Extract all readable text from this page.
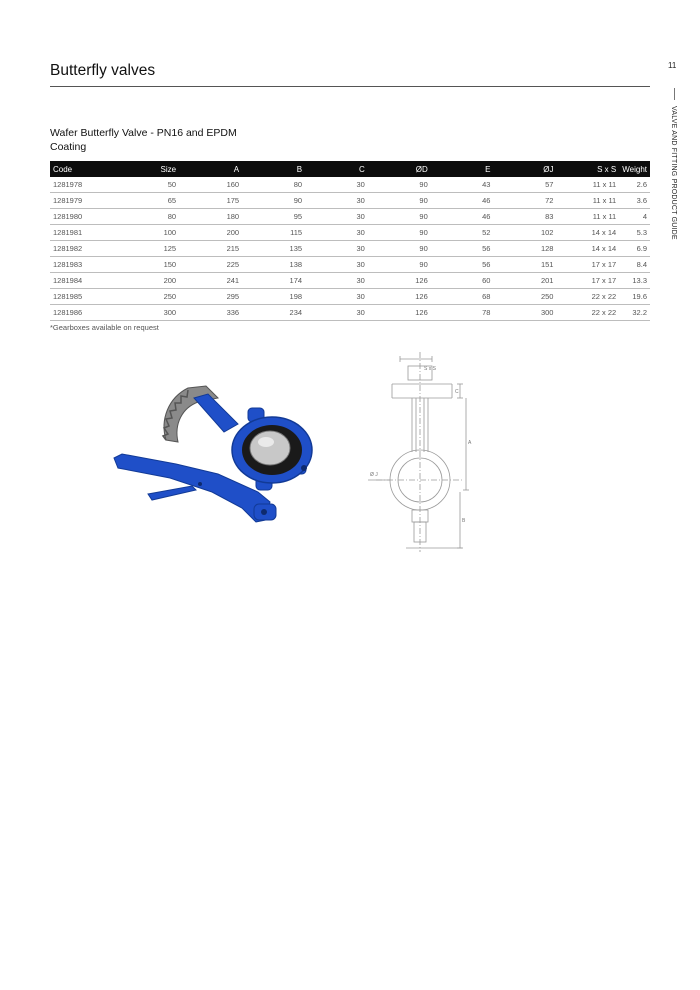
Butterfly valves	11
VALVE AND FITTING PRODUCT GUIDE
Wafer Butterfly Valve - PN16 and EPDM Coating
Code	Size	A	B	C	ØD	E	ØJ	S x S	Weight
1281978	50	160	80	30	90	43	57	11 x 11	2.6
1281979	65	175	90	30	90	46	72	11 x 11	3.6
1281980	80	180	95	30	90	46	83	11 x 11	4
1281981	100	200	115	30	90	52	102	14 x 14	5.3
1281982	125	215	135	30	90	56	128	14 x 14	6.9
1281983	150	225	138	30	90	56	151	17 x 17	8.4
1281984	200	241	174	30	126	60	201	17 x 17	13.3
1281985	250	295	198	30	126	68	250	22 x 22	19.6
1281986	300	336	234	30	126	78	300	22 x 22	32.2
*Gearboxes available on request
S x S
C
A
Ø J
B
